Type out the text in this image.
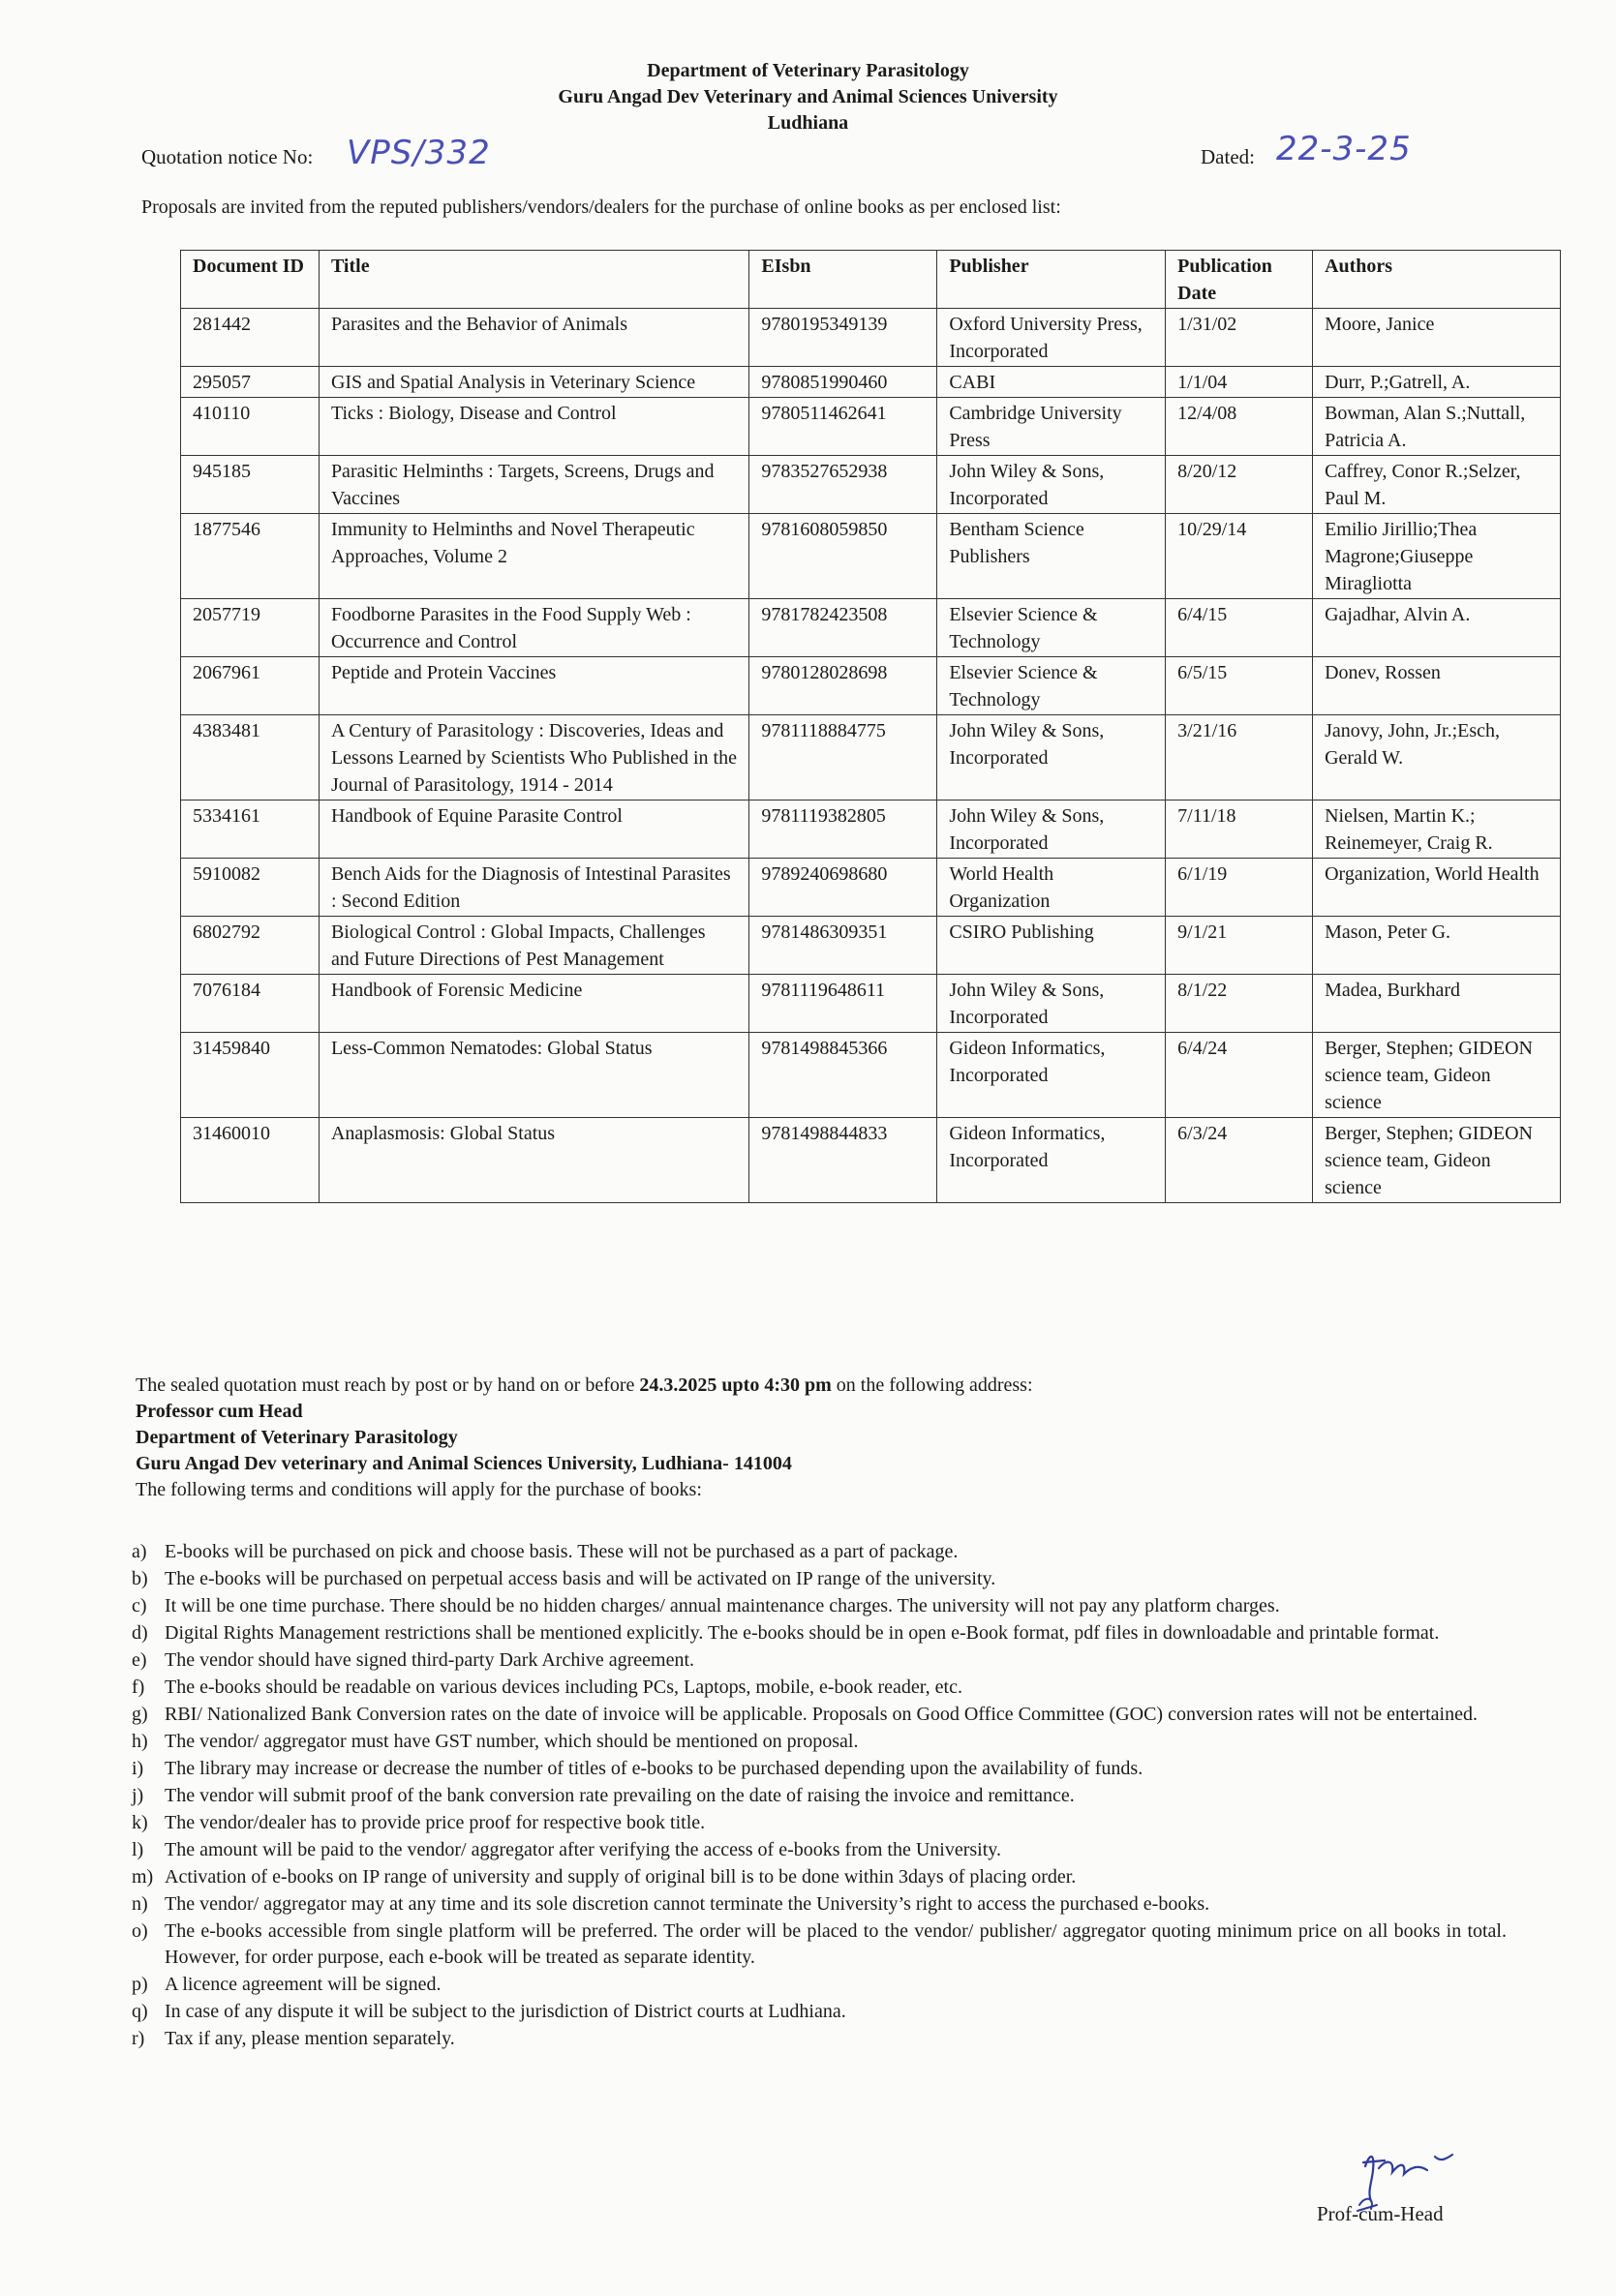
Department of Veterinary Parasitology
Guru Angad Dev Veterinary and Animal Sciences University
Ludhiana
Quotation notice No: VPS/332	Dated: 22-3-25
Proposals are invited from the reputed publishers/vendors/dealers for the purchase of online books as per enclosed list:
Document ID	Title	EIsbn	Publisher	Publication Date	Authors
281442	Parasites and the Behavior of Animals	9780195349139	Oxford University Press, Incorporated	1/31/02	Moore, Janice
295057	GIS and Spatial Analysis in Veterinary Science	9780851990460	CABI	1/1/04	Durr, P.;Gatrell, A.
410110	Ticks : Biology, Disease and Control	9780511462641	Cambridge University Press	12/4/08	Bowman, Alan S.;Nuttall, Patricia A.
945185	Parasitic Helminths : Targets, Screens, Drugs and Vaccines	9783527652938	John Wiley & Sons, Incorporated	8/20/12	Caffrey, Conor R.;Selzer, Paul M.
1877546	Immunity to Helminths and Novel Therapeutic Approaches, Volume 2	9781608059850	Bentham Science Publishers	10/29/14	Emilio Jirillio;Thea Magrone;Giuseppe Miragliotta
2057719	Foodborne Parasites in the Food Supply Web : Occurrence and Control	9781782423508	Elsevier Science & Technology	6/4/15	Gajadhar, Alvin A.
2067961	Peptide and Protein Vaccines	9780128028698	Elsevier Science & Technology	6/5/15	Donev, Rossen
4383481	A Century of Parasitology : Discoveries, Ideas and Lessons Learned by Scientists Who Published in the Journal of Parasitology, 1914 - 2014	9781118884775	John Wiley & Sons, Incorporated	3/21/16	Janovy, John, Jr.;Esch, Gerald W.
5334161	Handbook of Equine Parasite Control	9781119382805	John Wiley & Sons, Incorporated	7/11/18	Nielsen, Martin K.; Reinemeyer, Craig R.
5910082	Bench Aids for the Diagnosis of Intestinal Parasites : Second Edition	9789240698680	World Health Organization	6/1/19	Organization, World Health
6802792	Biological Control : Global Impacts, Challenges and Future Directions of Pest Management	9781486309351	CSIRO Publishing	9/1/21	Mason, Peter G.
7076184	Handbook of Forensic Medicine	9781119648611	John Wiley & Sons, Incorporated	8/1/22	Madea, Burkhard
31459840	Less-Common Nematodes: Global Status	9781498845366	Gideon Informatics, Incorporated	6/4/24	Berger, Stephen; GIDEON science team, Gideon science
31460010	Anaplasmosis: Global Status	9781498844833	Gideon Informatics, Incorporated	6/3/24	Berger, Stephen; GIDEON science team, Gideon science
The sealed quotation must reach by post or by hand on or before 24.3.2025 upto 4:30 pm on the following address:
Professor cum Head
Department of Veterinary Parasitology
Guru Angad Dev veterinary and Animal Sciences University, Ludhiana- 141004
The following terms and conditions will apply for the purchase of books:
a) E-books will be purchased on pick and choose basis. These will not be purchased as a part of package.
b) The e-books will be purchased on perpetual access basis and will be activated on IP range of the university.
c) It will be one time purchase. There should be no hidden charges/ annual maintenance charges. The university will not pay any platform charges.
d) Digital Rights Management restrictions shall be mentioned explicitly. The e-books should be in open e-Book format, pdf files in downloadable and printable format.
e) The vendor should have signed third-party Dark Archive agreement.
f)	The e-books should be readable on various devices including PCs, Laptops, mobile, e-book reader, etc.
g) RBI/ Nationalized Bank Conversion rates on the date of invoice will be applicable. Proposals on Good Office Committee (GOC) conversion rates will not be entertained.
h) The vendor/ aggregator must have GST number, which should be mentioned on proposal.
i)	The library may increase or decrease the number of titles of e-books to be purchased depending upon the availability of funds.
j)	The vendor will submit proof of the bank conversion rate prevailing on the date of raising the invoice and remittance.
k) The vendor/dealer has to provide price proof for respective book title.
l)	The amount will be paid to the vendor/ aggregator after verifying the access of e-books from the University.
m) Activation of e-books on IP range of university and supply of original bill is to be done within 3days of placing order.
n) The vendor/ aggregator may at any time and its sole discretion cannot terminate the University’s right to access the purchased e-books.
o) The e-books accessible from single platform will be preferred. The order will be placed to the vendor/ publisher/ aggregator quoting minimum price on all books in total. However, for order purpose, each e-book will be treated as separate identity.
p) A licence agreement will be signed.
q) In case of any dispute it will be subject to the jurisdiction of District courts at Ludhiana.
r)	Tax if any, please mention separately.
Prof-cum-Head
